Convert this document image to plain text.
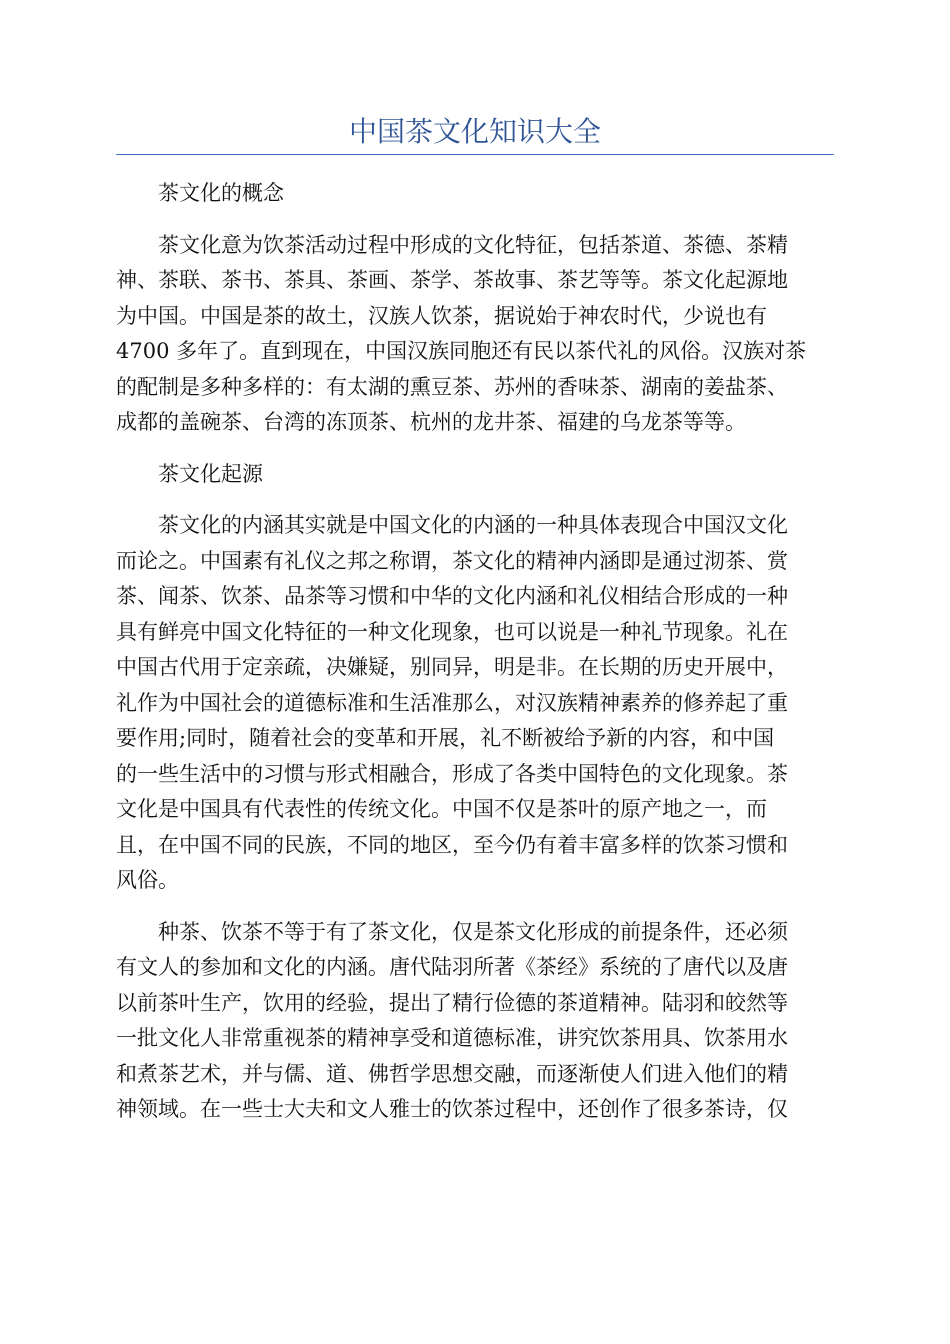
中国茶文化知识大全

茶文化的概念

茶文化意为饮茶活动过程中形成的文化特征，包括茶道、茶德、茶精
神、茶联、茶书、茶具、茶画、茶学、茶故事、茶艺等等。茶文化起源地
为中国。中国是茶的故土，汉族人饮茶，据说始于神农时代，少说也有
4700 多年了。直到现在，中国汉族同胞还有民以茶代礼的风俗。汉族对茶
的配制是多种多样的：有太湖的熏豆茶、苏州的香味茶、湖南的姜盐茶、
成都的盖碗茶、台湾的冻顶茶、杭州的龙井茶、福建的乌龙茶等等。

茶文化起源

茶文化的内涵其实就是中国文化的内涵的一种具体表现合中国汉文化
而论之。中国素有礼仪之邦之称谓，茶文化的精神内涵即是通过沏茶、赏
茶、闻茶、饮茶、品茶等习惯和中华的文化内涵和礼仪相结合形成的一种
具有鲜亮中国文化特征的一种文化现象，也可以说是一种礼节现象。礼在
中国古代用于定亲疏，决嫌疑，别同异，明是非。在长期的历史开展中，
礼作为中国社会的道德标准和生活准那么，对汉族精神素养的修养起了重
要作用;同时，随着社会的变革和开展，礼不断被给予新的内容，和中国
的一些生活中的习惯与形式相融合，形成了各类中国特色的文化现象。茶
文化是中国具有代表性的传统文化。中国不仅是茶叶的原产地之一，而
且，在中国不同的民族，不同的地区，至今仍有着丰富多样的饮茶习惯和
风俗。

种茶、饮茶不等于有了茶文化，仅是茶文化形成的前提条件，还必须
有文人的参加和文化的内涵。唐代陆羽所著《茶经》系统的了唐代以及唐
以前茶叶生产，饮用的经验，提出了精行俭德的茶道精神。陆羽和皎然等
一批文化人非常重视茶的精神享受和道德标准，讲究饮茶用具、饮茶用水
和煮茶艺术，并与儒、道、佛哲学思想交融，而逐渐使人们进入他们的精
神领域。在一些士大夫和文人雅士的饮茶过程中，还创作了很多茶诗，仅
